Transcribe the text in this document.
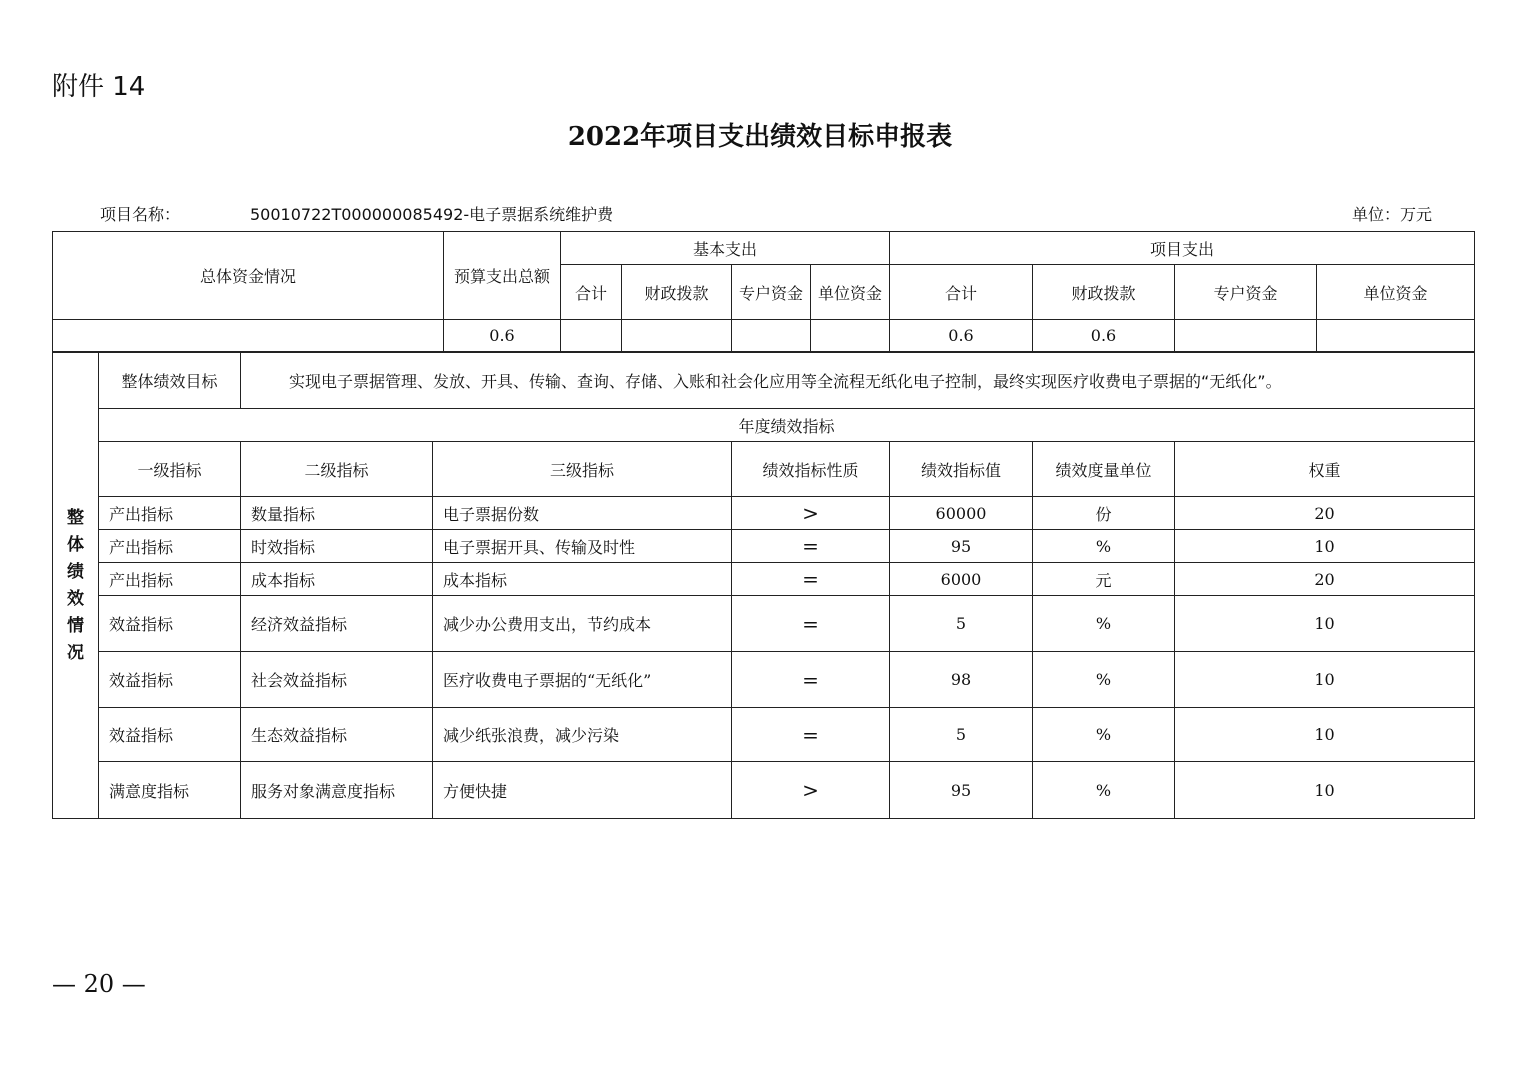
附件 14
2022年项目支出绩效目标申报表
项目名称：	50010722T000000085492-电子票据系统维护费	单位：万元
总体资金情况	预算支出总额	基本支出				项目支出			
		合计	财政拨款	专户资金	单位资金	合计	财政拨款	专户资金	单位资金
	0.6					0.6	0.6		
整体绩效情况	整体绩效目标	实现电子票据管理、发放、开具、传输、查询、存储、入账和社会化应用等全流程无纸化电子控制，最终实现医疗收费电子票据的“无纸化”。					
	年度绩效指标						
	一级指标	二级指标	三级指标	绩效指标性质	绩效指标值	绩效度量单位	权重
	产出指标	数量指标	电子票据份数	>	60000	份	20
	产出指标	时效指标	电子票据开具、传输及时性	=	95	%	10
	产出指标	成本指标	成本指标	=	6000	元	20
	效益指标	经济效益指标	减少办公费用支出，节约成本	=	5	%	10
	效益指标	社会效益指标	医疗收费电子票据的“无纸化”	=	98	%	10
	效益指标	生态效益指标	减少纸张浪费，减少污染	=	5	%	10
	满意度指标	服务对象满意度指标	方便快捷	>	95	%	10
— 20 —
